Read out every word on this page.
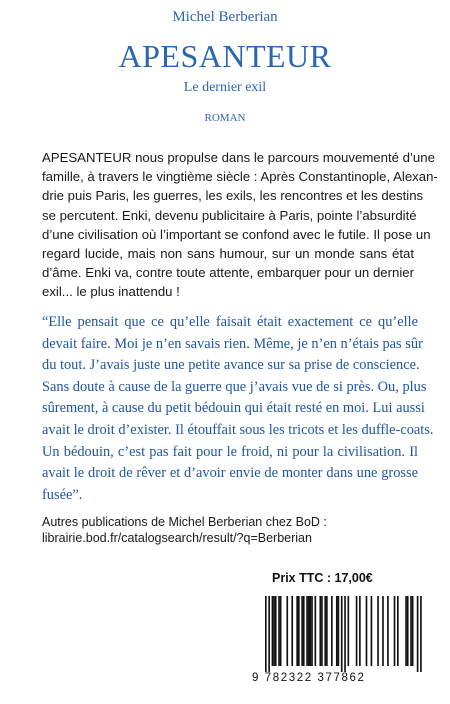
Michel Berberian
APESANTEUR
Le dernier exil
ROMAN
APESANTEUR nous propulse dans le parcours mouvementé d’une
famille, à travers le vingtième siècle : Après Constantinople, Alexan-
drie puis Paris, les guerres, les exils, les rencontres et les destins
se percutent. Enki, devenu publicitaire à Paris, pointe l’absurdité
d’une civilisation où l’important se confond avec le futile. Il pose un
regard lucide, mais non sans humour, sur un monde sans état
d’âme. Enki va, contre toute attente, embarquer pour un dernier
exil... le plus inattendu !
“Elle pensait que ce qu’elle faisait était exactement ce qu’elle
devait faire. Moi je n’en savais rien. Même, je n’en n’étais pas sûr
du tout. J’avais juste une petite avance sur sa prise de conscience.
Sans doute à cause de la guerre que j’avais vue de si près. Ou, plus
sûrement, à cause du petit bédouin qui était resté en moi. Lui aussi
avait le droit d’exister. Il étouffait sous les tricots et les duffle-coats.
Un bédouin, c’est pas fait pour le froid, ni pour la civilisation. Il
avait le droit de rêver et d’avoir envie de monter dans une grosse
fusée”.
Autres publications de Michel Berberian chez BoD :
librairie.bod.fr/catalogsearch/result/?q=Berberian
Prix TTC : 17,00€
9 782322 377862
